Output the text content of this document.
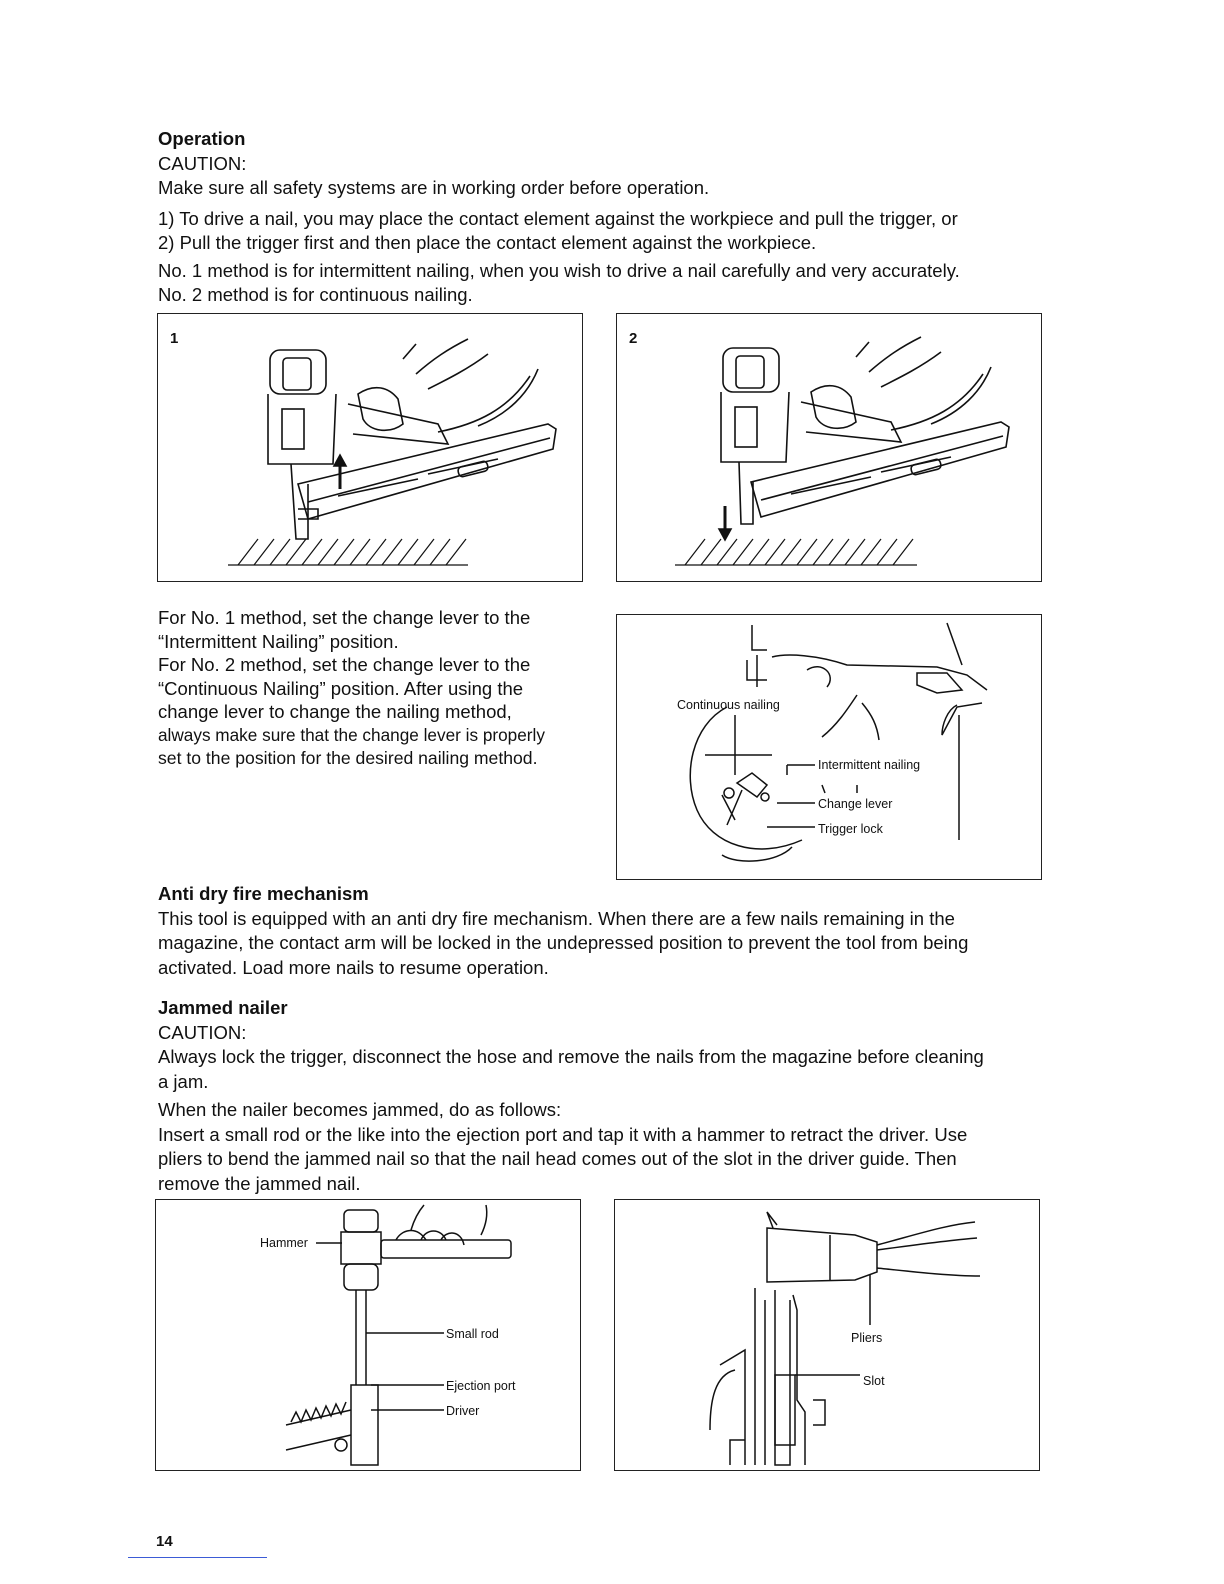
Operation
CAUTION:
Make sure all safety systems are in working order before operation.
1) To drive a nail, you may place the contact element against the workpiece and pull the trigger, or
2) Pull the trigger first and then place the contact element against the workpiece.
No. 1 method is for intermittent nailing, when you wish to drive a nail carefully and very accurately.
No. 2 method is for continuous nailing.
1	2
For No. 1 method, set the change lever to the
“Intermittent Nailing” position.
For No. 2 method, set the change lever to the
“Continuous Nailing” position. After using the
change lever to change the nailing method,
always make sure that the change lever is properly
set to the position for the desired nailing method.
Continuous nailing
Intermittent nailing
Change lever
Trigger lock
Anti dry fire mechanism
This tool is equipped with an anti dry fire mechanism. When there are a few nails remaining in the
magazine, the contact arm will be locked in the undepressed position to prevent the tool from being
activated. Load more nails to resume operation.
Jammed nailer
CAUTION:
Always lock the trigger, disconnect the hose and remove the nails from the magazine before cleaning
a jam.
When the nailer becomes jammed, do as follows:
Insert a small rod or the like into the ejection port and tap it with a hammer to retract the driver. Use
pliers to bend the jammed nail so that the nail head comes out of the slot in the driver guide. Then
remove the jammed nail.
Hammer
Small rod
Ejection port
Driver
Pliers
Slot
14
